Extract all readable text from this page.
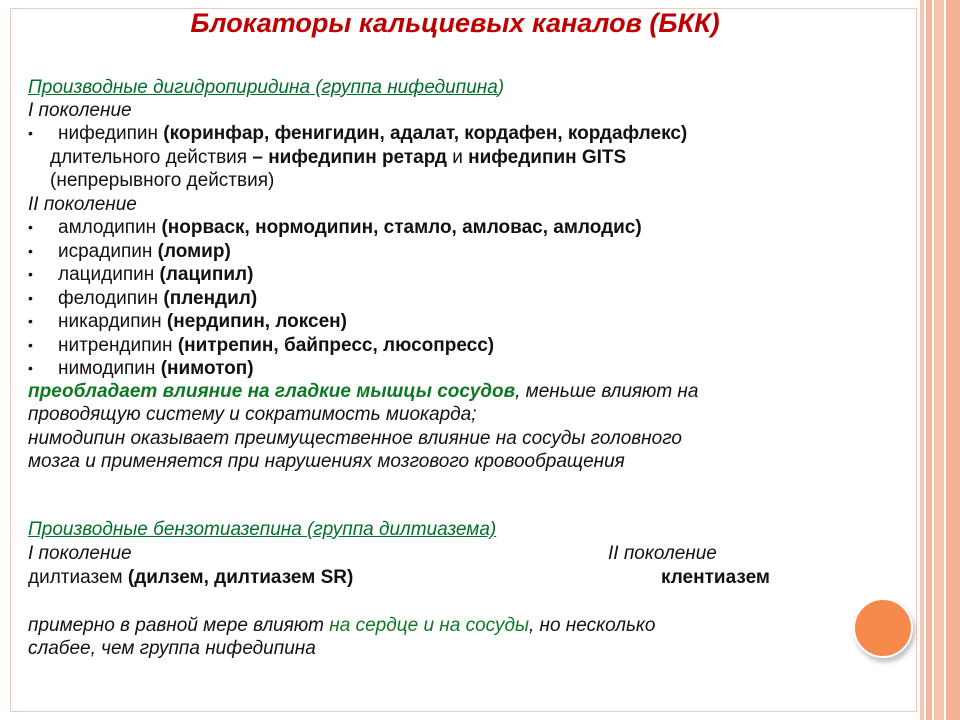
Блокаторы кальциевых каналов (БКК)
Производные дигидропиридина (группа нифедипина)
I поколение
• нифедипин (коринфар, фенигидин, адалат, кордафен, кордафлекс)
длительного действия – нифедипин ретард и нифедипин GITS
(непрерывного действия)
II поколение
• амлодипин (норваск, нормодипин, стамло, амловас, амлодис)
• исрадипин (ломир)
• лацидипин (лаципил)
• фелодипин (плендил)
• никардипин (нердипин, локсен)
• нитрендипин (нитрепин, байпресс, люсопресс)
• нимодипин (нимотоп)
преобладает влияние на гладкие мышцы сосудов, меньше влияют на
проводящую систему и сократимость миокарда;
нимодипин оказывает преимущественное влияние на сосуды головного
мозга и применяется при нарушениях мозгового кровообращения
Производные бензотиазепина (группа дилтиазема)
I поколение	II поколение
дилтиазем (дилзем, дилтиазем SR)	клентиазем
примерно в равной мере влияют на сердце и на сосуды, но несколько
слабее, чем группа нифедипина
